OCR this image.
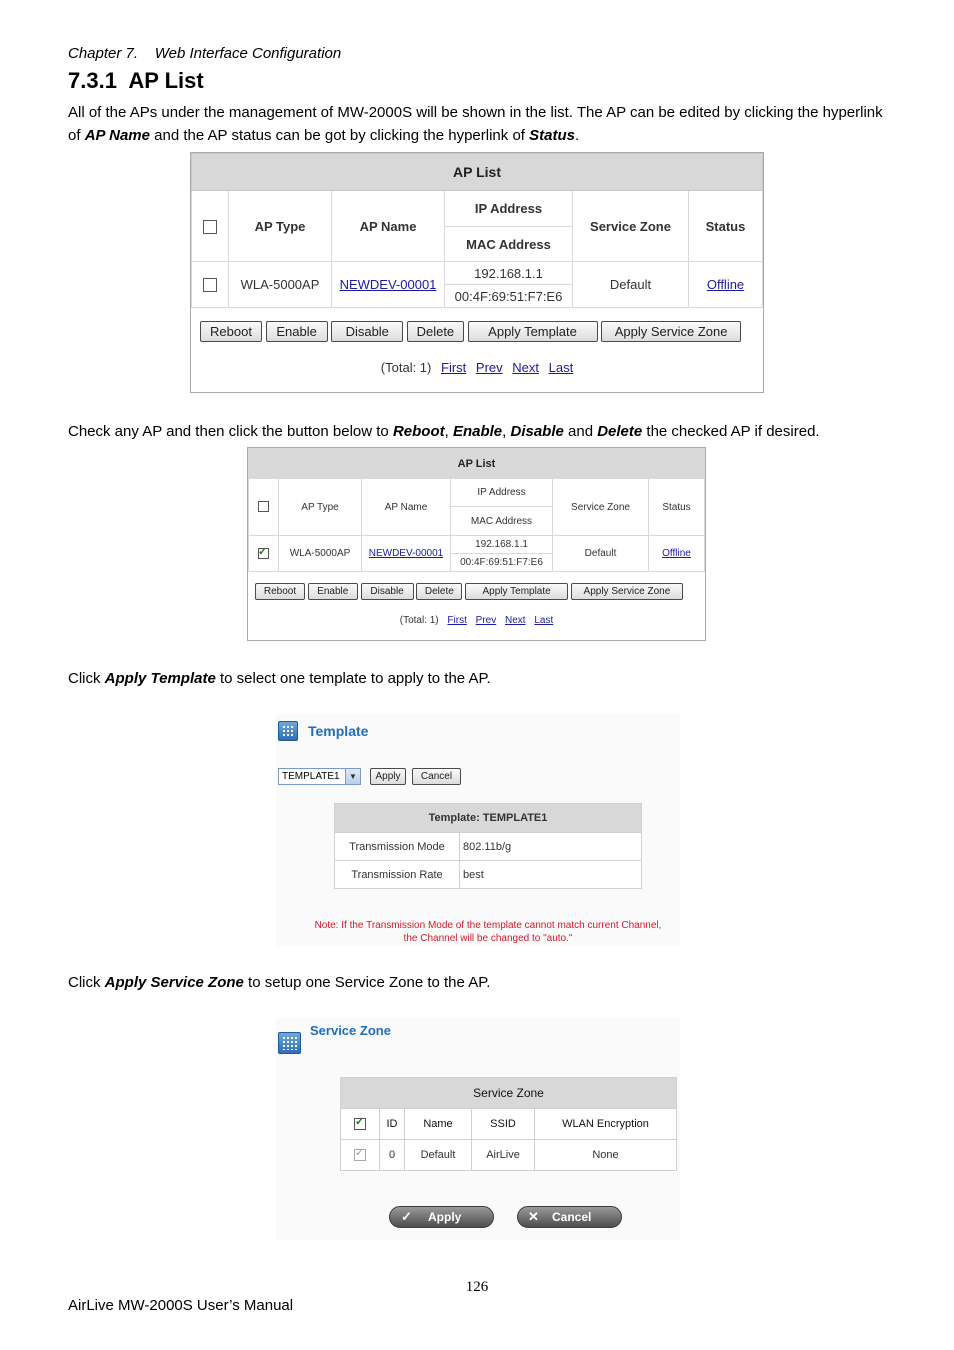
Chapter 7.    Web Interface Configuration
7.3.1  AP List
All of the APs under the management of MW-2000S will be shown in the list. The AP can be edited by clicking the hyperlink of AP Name and the AP status can be got by clicking the hyperlink of Status.
AP List					
	AP Type	AP Name	IP Address	Service Zone	Status
			MAC Address		
	WLA-5000AP	NEWDEV-00001	192.168.1.1	Default	Offline
			00:4F:69:51:F7:E6		
Reboot Enable Disable Delete	Apply Template	Apply Service Zone
(Total: 1) First Prev Next Last
Check any AP and then click the button below to Reboot, Enable, Disable and Delete the checked AP if desired.
AP List					
	AP Type	AP Name	IP Address	Service Zone	Status
			MAC Address		

✓	WLA-5000AP	NEWDEV-00001	192.168.1.1	Default	Offline
			00:4F:69:51:F7:E6		
Reboot Enable Disable Delete	Apply Template	Apply Service Zone
(Total: 1) First Prev Next Last
Click Apply Template to select one template to apply to the AP.
Template
TEMPLATE1	▼	Apply	Cancel
Template: TEMPLATE1	
Transmission Mode	802.11b/g
Transmission Rate	best
Note: If the Transmission Mode of the template cannot match current Channel,
the Channel will be changed to "auto."
Click Apply Service Zone to setup one Service Zone to the AP.
Service Zone
Service Zone				

✓	ID	Name	SSID	WLAN Encryption

✓	0	Default	AirLive	None
✓ Apply	✕ Cancel
126
AirLive MW-2000S User’s Manual
